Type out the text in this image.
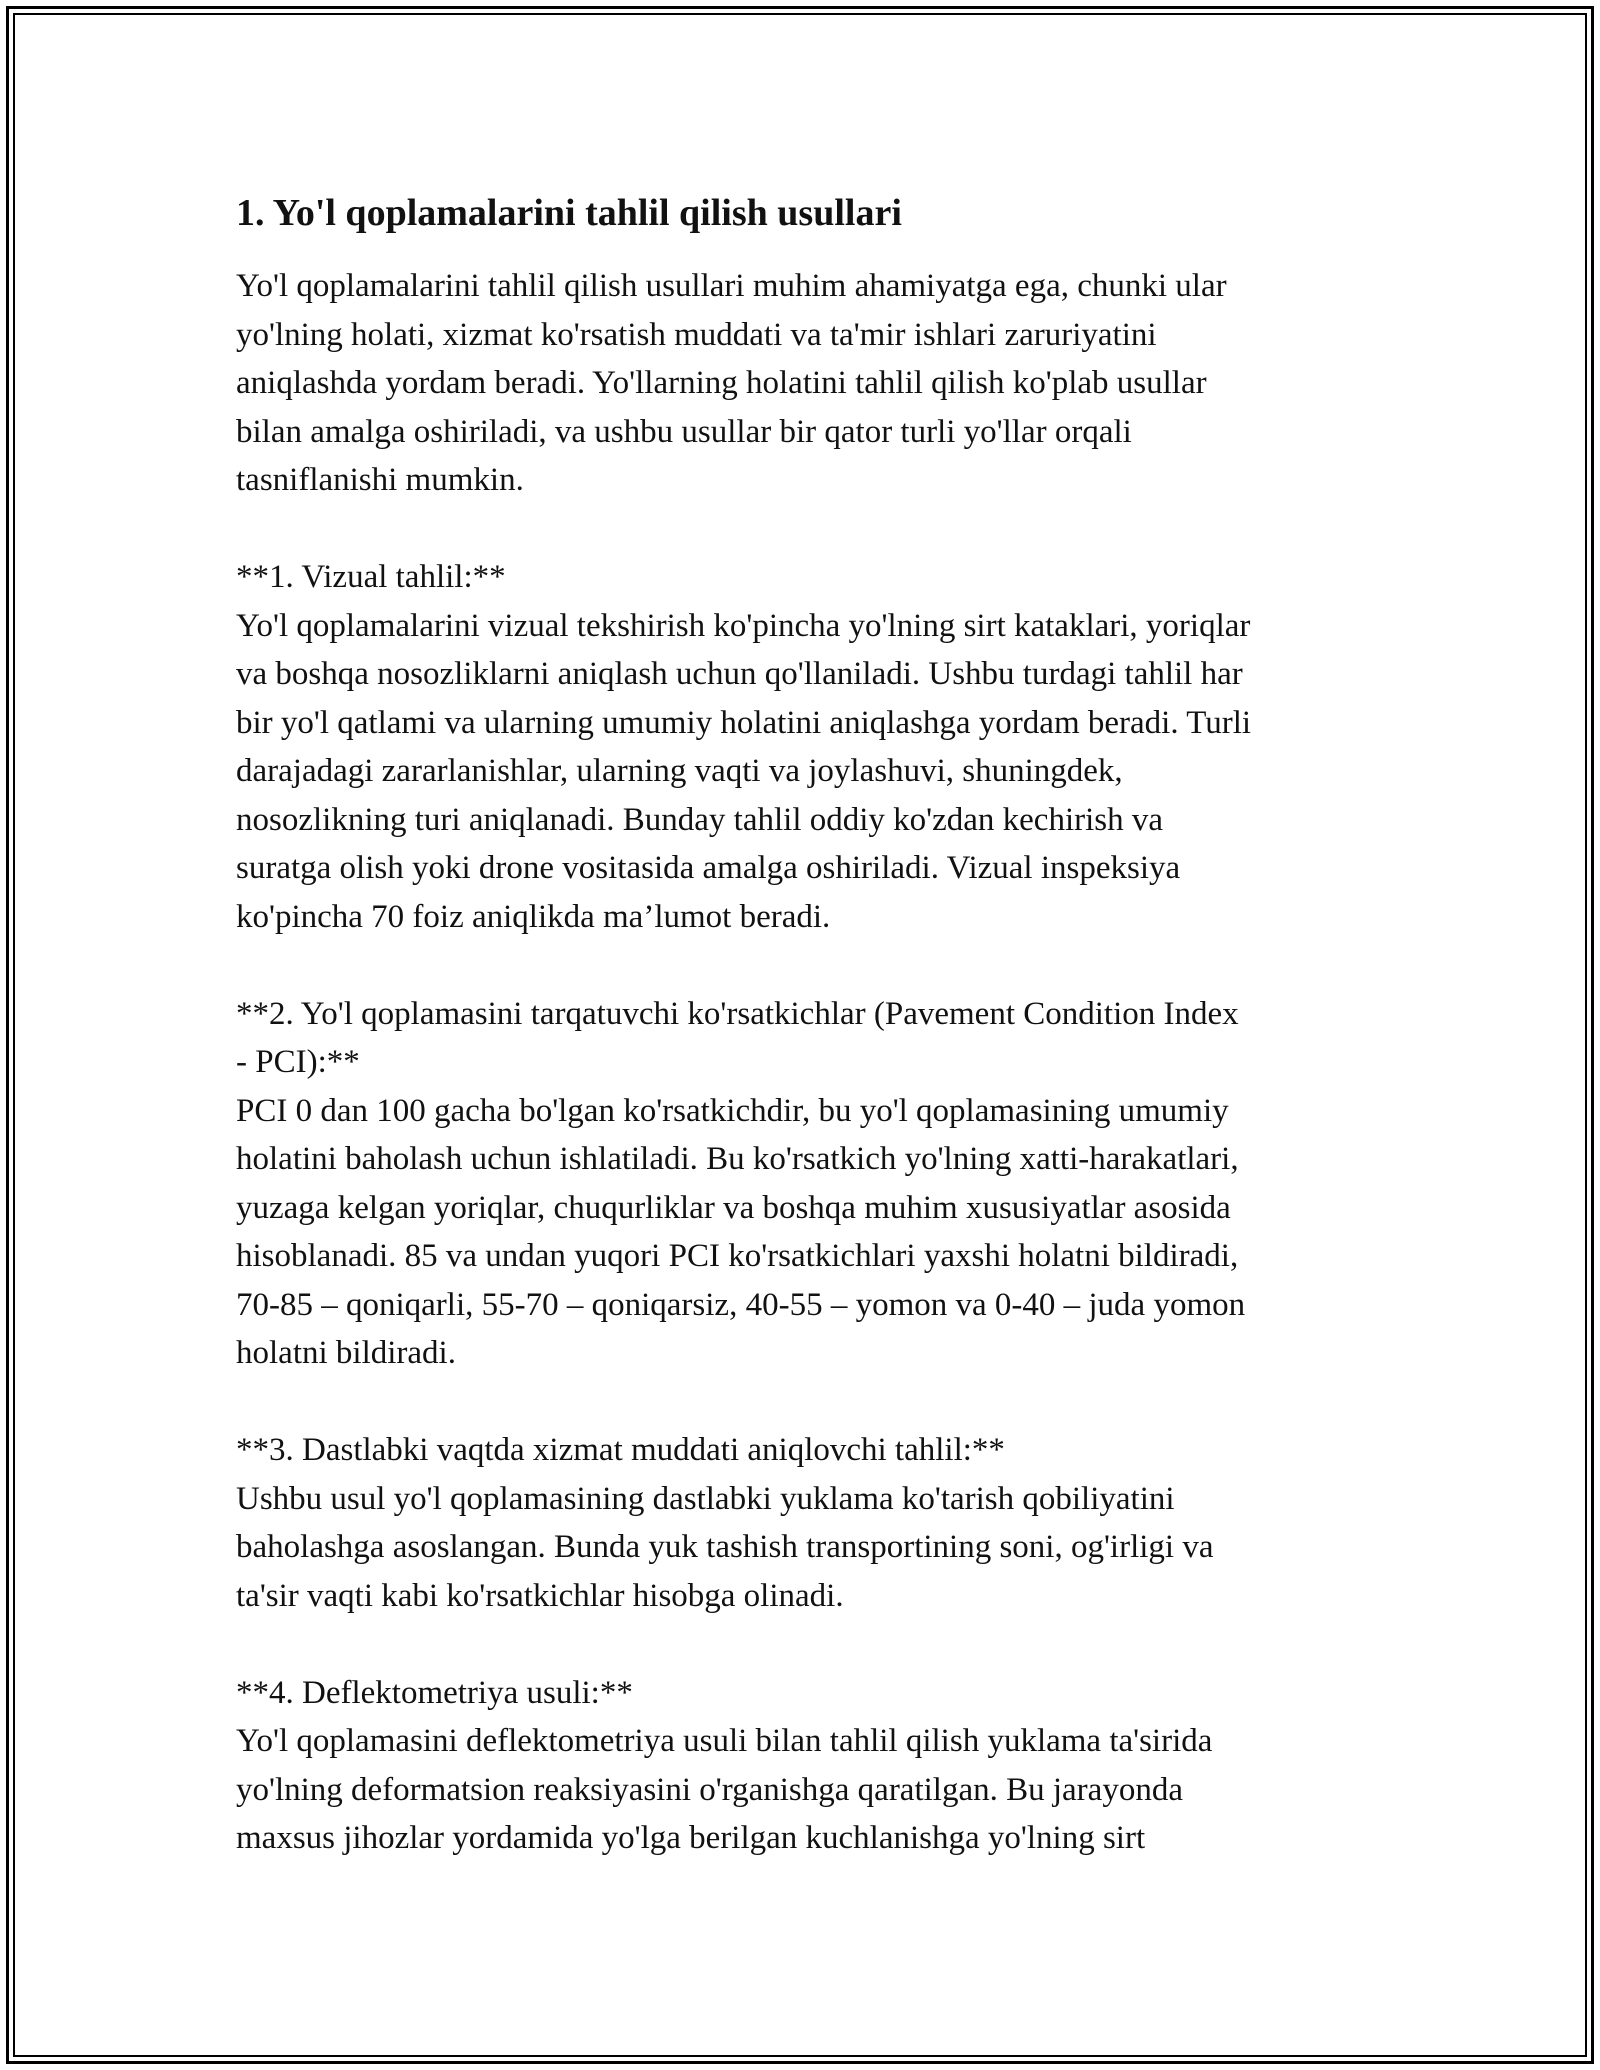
1. Yo'l qoplamalarini tahlil qilish usullari

Yo'l qoplamalarini tahlil qilish usullari muhim ahamiyatga ega, chunki ular
yo'lning holati, xizmat ko'rsatish muddati va ta'mir ishlari zaruriyatini
aniqlashda yordam beradi. Yo'llarning holatini tahlil qilish ko'plab usullar
bilan amalga oshiriladi, va ushbu usullar bir qator turli yo'llar orqali
tasniflanishi mumkin.

**1. Vizual tahlil:**

Yo'l qoplamalarini vizual tekshirish ko'pincha yo'lning sirt kataklari, yoriqlar
va boshqa nosozliklarni aniqlash uchun qo'llaniladi. Ushbu turdagi tahlil har
bir yo'l qatlami va ularning umumiy holatini aniqlashga yordam beradi. Turli
darajadagi zararlanishlar, ularning vaqti va joylashuvi, shuningdek,
nosozlikning turi aniqlanadi. Bunday tahlil oddiy ko'zdan kechirish va
suratga olish yoki drone vositasida amalga oshiriladi. Vizual inspeksiya
ko'pincha 70 foiz aniqlikda ma’lumot beradi.

**2. Yo'l qoplamasini tarqatuvchi ko'rsatkichlar (Pavement Condition Index
- PCI):**

PCI 0 dan 100 gacha bo'lgan ko'rsatkichdir, bu yo'l qoplamasining umumiy
holatini baholash uchun ishlatiladi. Bu ko'rsatkich yo'lning xatti-harakatlari,
yuzaga kelgan yoriqlar, chuqurliklar va boshqa muhim xususiyatlar asosida
hisoblanadi. 85 va undan yuqori PCI ko'rsatkichlari yaxshi holatni bildiradi,
70-85 – qoniqarli, 55-70 – qoniqarsiz, 40-55 – yomon va 0-40 – juda yomon
holatni bildiradi.

**3. Dastlabki vaqtda xizmat muddati aniqlovchi tahlil:**

Ushbu usul yo'l qoplamasining dastlabki yuklama ko'tarish qobiliyatini
baholashga asoslangan. Bunda yuk tashish transportining soni, og'irligi va
ta'sir vaqti kabi ko'rsatkichlar hisobga olinadi.

**4. Deflektometriya usuli:**

Yo'l qoplamasini deflektometriya usuli bilan tahlil qilish yuklama ta'sirida
yo'lning deformatsion reaksiyasini o'rganishga qaratilgan. Bu jarayonda
maxsus jihozlar yordamida yo'lga berilgan kuchlanishga yo'lning sirt
